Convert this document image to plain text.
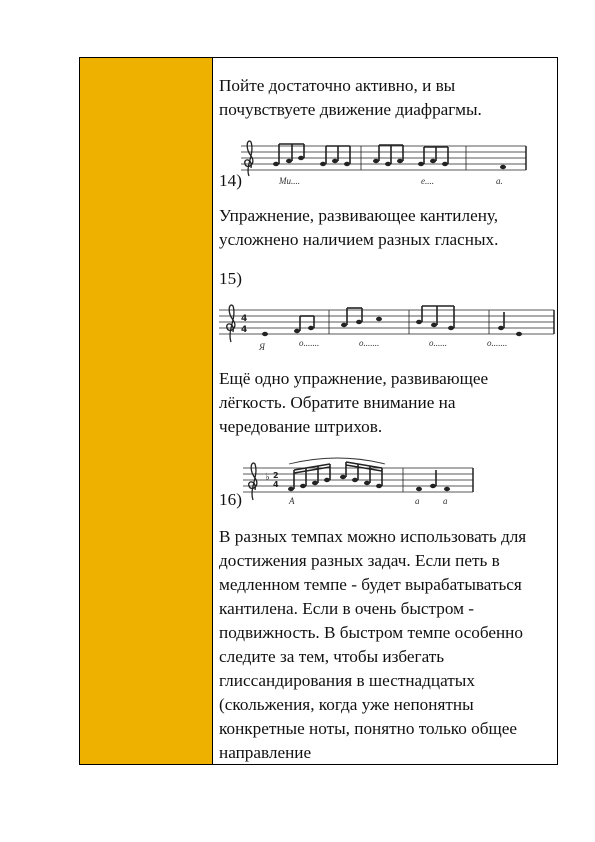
Пойте достаточно активно, и вы почувствуете движение диафрагмы.

14)	Ми....	е....	а.

Упражнение, развивающее кантилену, усложнено наличием разных гласных.

15)
4
4
Я	о.......	о.......	о......	о.......

Ещё одно упражнение, развивающее лёгкость. Обратите внимание на чередование штрихов.

16)
♭ 2
4
А	а	а

В разных темпах можно использовать для достижения разных задач. Если петь в медленном темпе - будет вырабатываться кантилена. Если в очень быстром - подвижность. В быстром темпе особенно следите за тем, чтобы избегать глиссандирования в шестнадцатых (скольжения, когда уже непонятны конкретные ноты, понятно только общее направление
